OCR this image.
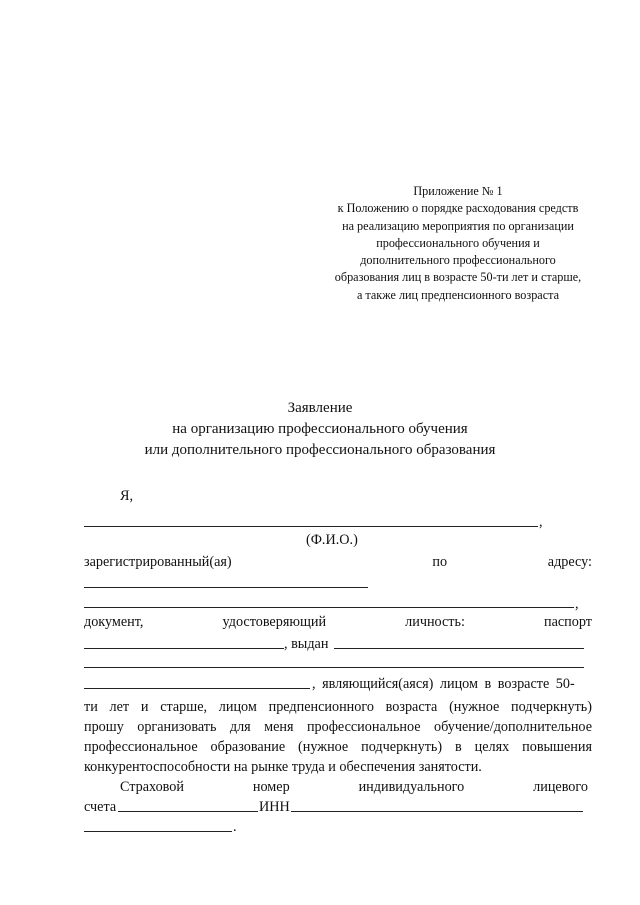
Приложение № 1
к Положению о порядке расходования средств
на реализацию мероприятия по организации
профессионального обучения и
дополнительного профессионального
образования лиц в возрасте 50-ти лет и старше,
а также лиц предпенсионного возраста
Заявление
на организацию профессионального обучения
или дополнительного профессионального образования
Я,
,
(Ф.И.О.)
зарегистрированный(ая)	по	адресу:
,
документ,	удостоверяющий	личность:	паспорт
, выдан
, являющийся(аяся) лицом в возрасте 50-
ти лет и старше, лицом предпенсионного возраста (нужное подчеркнуть)
прошу организовать для меня профессиональное обучение/дополнительное
профессиональное образование (нужное подчеркнуть) в целях повышения
конкурентоспособности на рынке труда и обеспечения занятости.
Страховой	номер	индивидуального	лицевого
счета	ИНН
.
